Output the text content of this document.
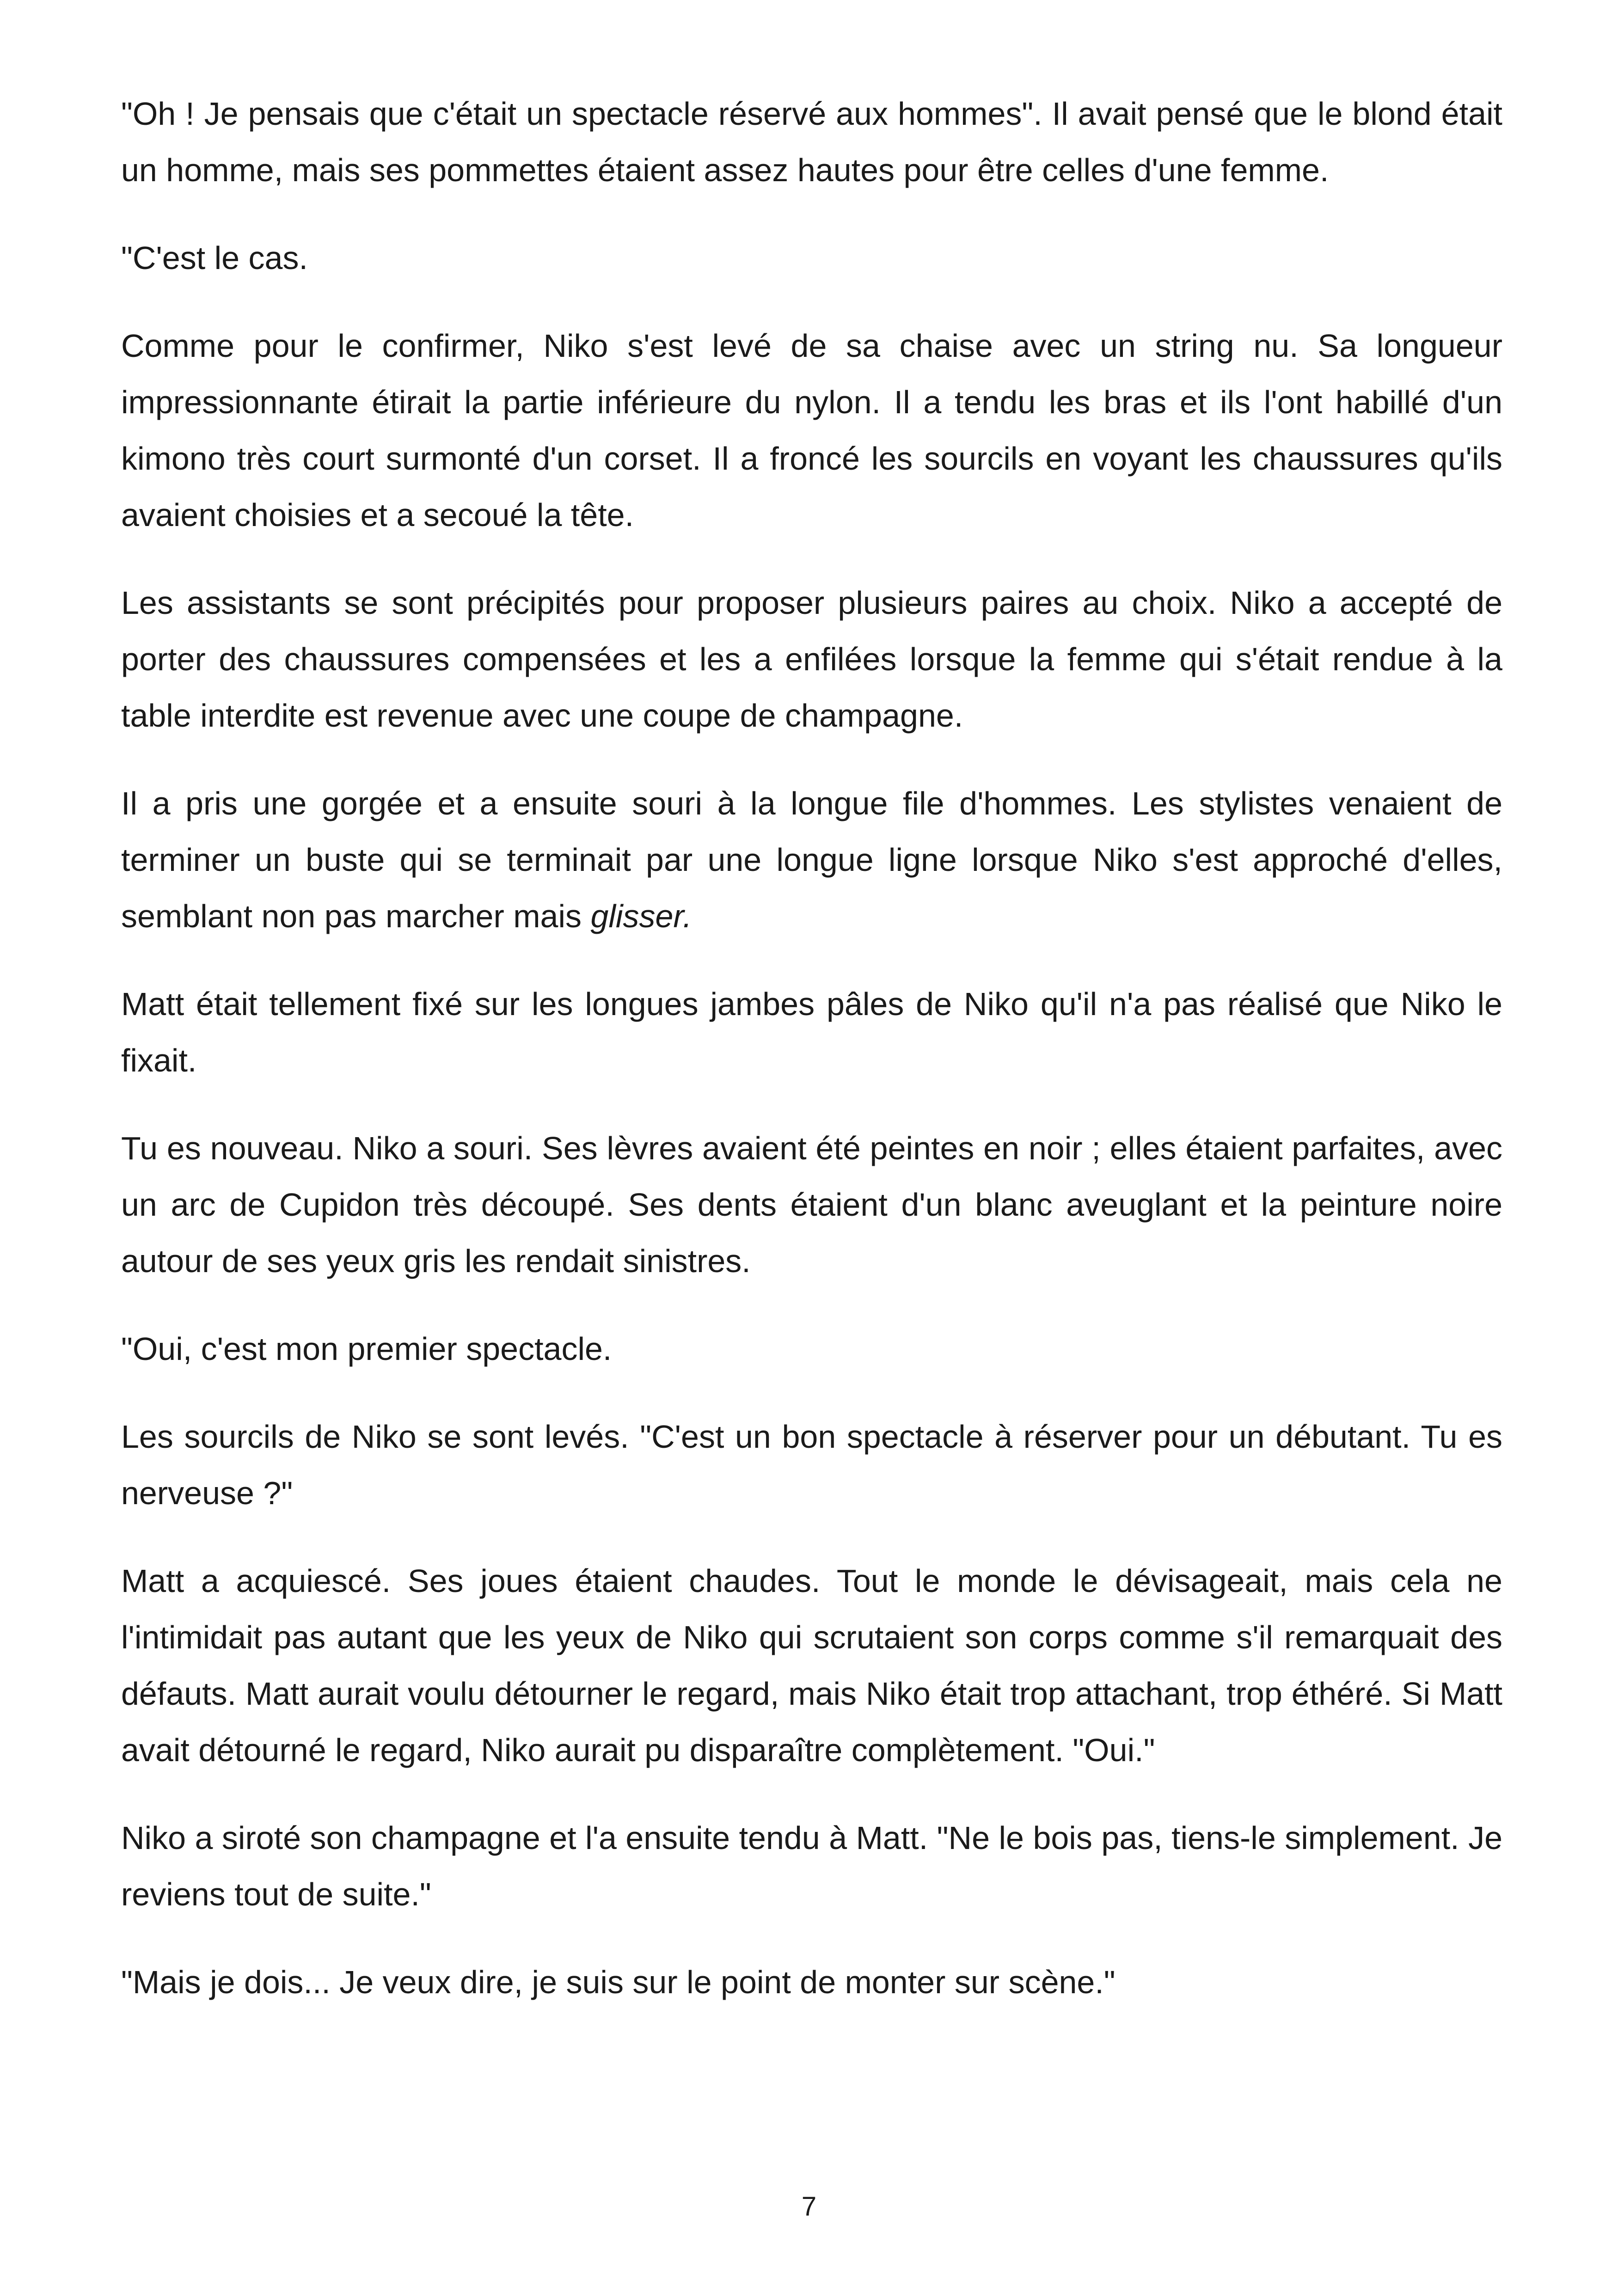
"Oh ! Je pensais que c'était un spectacle réservé aux hommes". Il avait pensé que le blond était un homme, mais ses pommettes étaient assez hautes pour être celles d'une femme.

"C'est le cas.

Comme pour le confirmer, Niko s'est levé de sa chaise avec un string nu. Sa longueur impressionnante étirait la partie inférieure du nylon. Il a tendu les bras et ils l'ont habillé d'un kimono très court surmonté d'un corset. Il a froncé les sourcils en voyant les chaussures qu'ils avaient choisies et a secoué la tête.

Les assistants se sont précipités pour proposer plusieurs paires au choix. Niko a accepté de porter des chaussures compensées et les a enfilées lorsque la femme qui s'était rendue à la table interdite est revenue avec une coupe de champagne.

Il a pris une gorgée et a ensuite souri à la longue file d'hommes. Les stylistes venaient de terminer un buste qui se terminait par une longue ligne lorsque Niko s'est approché d'elles, semblant non pas marcher mais glisser.

Matt était tellement fixé sur les longues jambes pâles de Niko qu'il n'a pas réalisé que Niko le fixait.

Tu es nouveau. Niko a souri. Ses lèvres avaient été peintes en noir ; elles étaient parfaites, avec un arc de Cupidon très découpé. Ses dents étaient d'un blanc aveuglant et la peinture noire autour de ses yeux gris les rendait sinistres.

"Oui, c'est mon premier spectacle.

Les sourcils de Niko se sont levés. "C'est un bon spectacle à réserver pour un débutant. Tu es nerveuse ?"

Matt a acquiescé. Ses joues étaient chaudes. Tout le monde le dévisageait, mais cela ne l'intimidait pas autant que les yeux de Niko qui scrutaient son corps comme s'il remarquait des défauts. Matt aurait voulu détourner le regard, mais Niko était trop attachant, trop éthéré. Si Matt avait détourné le regard, Niko aurait pu disparaître complètement. "Oui."

Niko a siroté son champagne et l'a ensuite tendu à Matt. "Ne le bois pas, tiens-le simplement. Je reviens tout de suite."

"Mais je dois... Je veux dire, je suis sur le point de monter sur scène."

7
